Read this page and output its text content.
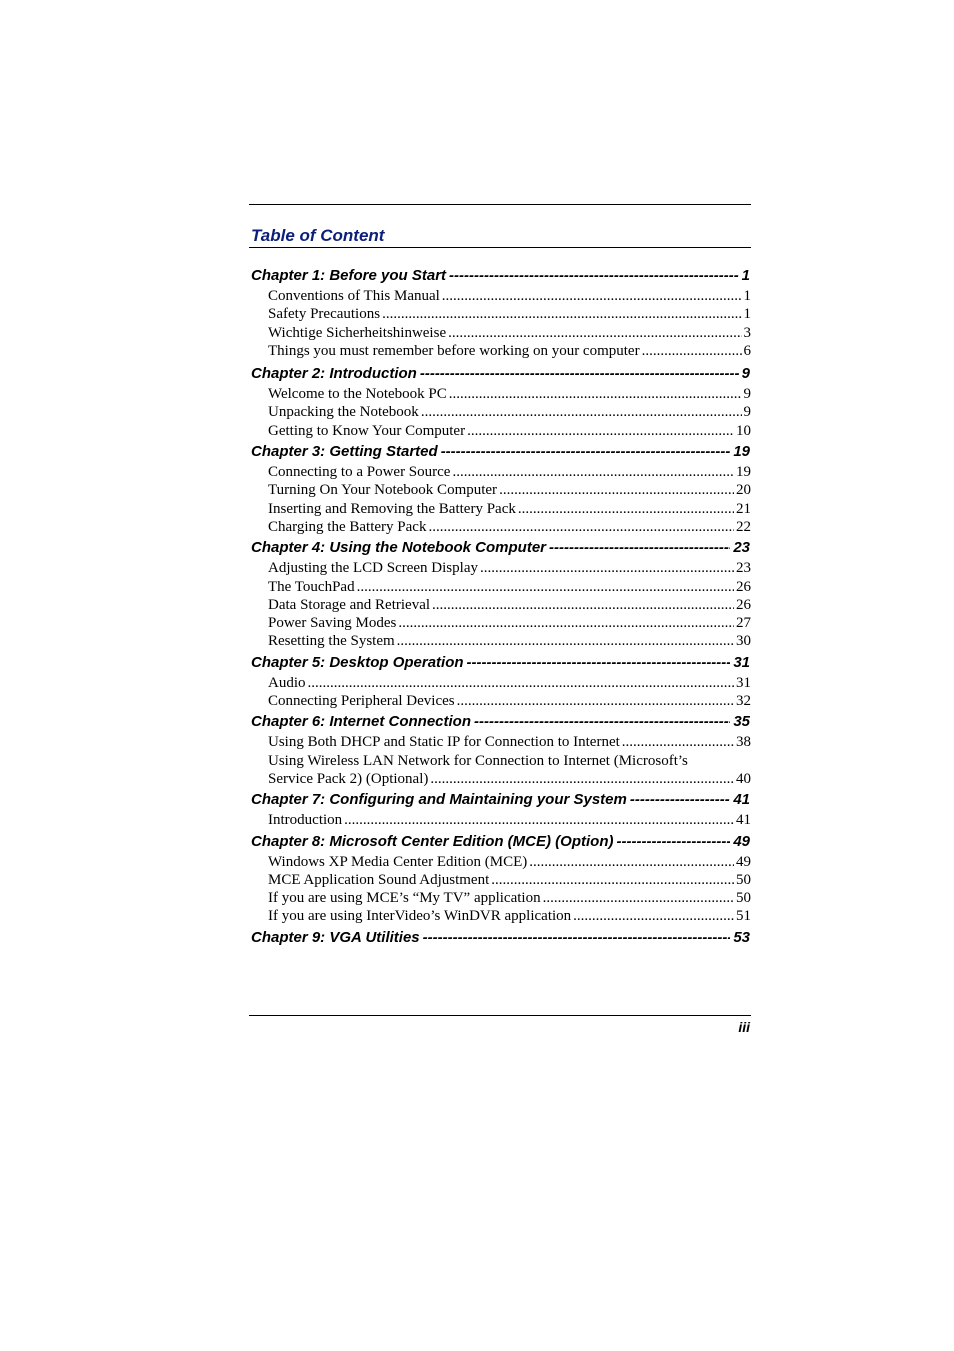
Table of Content
Chapter 1: Before you Start -----	1
Conventions of This Manual .....	1
Safety Precautions .....	1
Wichtige Sicherheitshinweise .....	3
Things you must remember before working on your computer .....	6
Chapter 2: Introduction -----	9
Welcome to the Notebook PC .....	9
Unpacking the Notebook .....	9
Getting to Know Your Computer .....	10
Chapter 3: Getting Started -----	19
Connecting to a Power Source .....	19
Turning On Your Notebook Computer .....	20
Inserting and Removing the Battery Pack .....	21
Charging the Battery Pack .....	22
Chapter 4: Using the Notebook Computer -----	23
Adjusting the LCD Screen Display .....	23
The TouchPad .....	26
Data Storage and Retrieval .....	26
Power Saving Modes .....	27
Resetting the System .....	30
Chapter 5: Desktop Operation -----	31
Audio .....	31
Connecting Peripheral Devices .....	32
Chapter 6: Internet Connection -----	35
Using Both DHCP and Static IP for Connection to Internet .....	38
Using Wireless LAN Network for Connection to Internet (Microsoft’s
Service Pack 2) (Optional) .....	40
Chapter 7: Configuring and Maintaining your System -----	41
Introduction .....	41
Chapter 8: Microsoft Center Edition (MCE) (Option) -----	49
Windows XP Media Center Edition (MCE) .....	49
MCE Application Sound Adjustment .....	50
If you are using MCE’s “My TV” application .....	50
If you are using InterVideo’s WinDVR application .....	51
Chapter 9: VGA Utilities -----	53
iii
